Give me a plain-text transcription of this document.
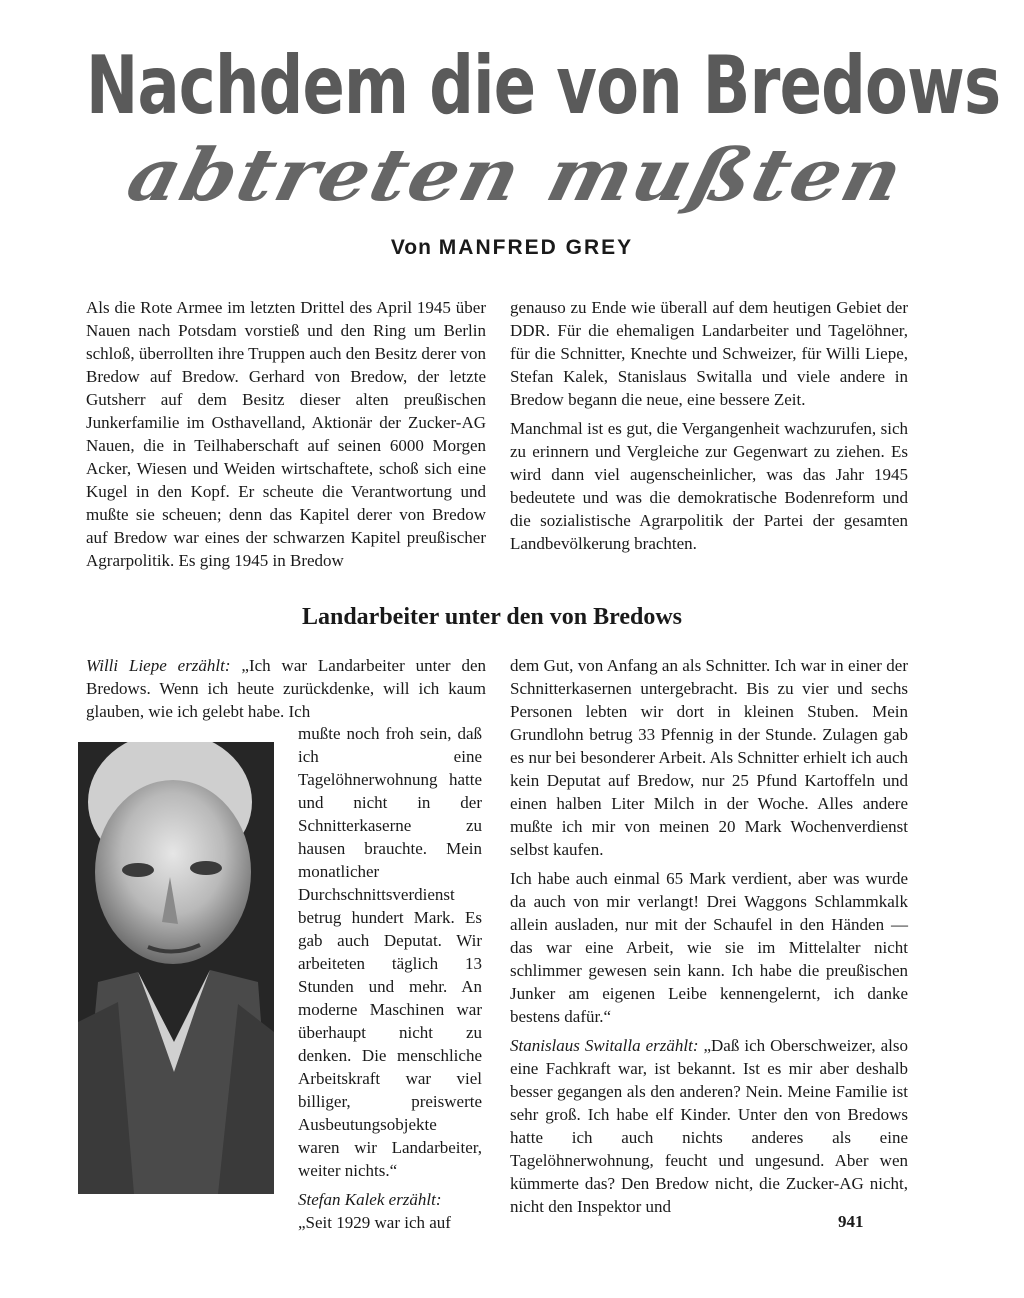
Nachdem die von Bredows
abtreten mußten
Von MANFRED GREY

Als die Rote Armee im letzten Drittel des April 1945 über Nauen nach Potsdam vorstieß und den Ring um Berlin schloß, überrollten ihre Truppen auch den Besitz derer von Bredow auf Bredow. Gerhard von Bredow, der letzte Gutsherr auf dem Besitz dieser alten preußischen Junkerfamilie im Osthavelland, Aktionär der Zucker-AG Nauen, die in Teilhaberschaft auf seinen 6000 Morgen Acker, Wiesen und Weiden wirtschaftete, schoß sich eine Kugel in den Kopf. Er scheute die Verantwortung und mußte sie scheuen; denn das Kapitel derer von Bredow auf Bredow war eines der schwarzen Kapitel preußischer Agrarpolitik. Es ging 1945 in Bredow

genauso zu Ende wie überall auf dem heutigen Gebiet der DDR. Für die ehemaligen Landarbeiter und Tagelöhner, für die Schnitter, Knechte und Schweizer, für Willi Liepe, Stefan Kalek, Stanislaus Switalla und viele andere in Bredow begann die neue, eine bessere Zeit.

Manchmal ist es gut, die Vergangenheit wachzurufen, sich zu erinnern und Vergleiche zur Gegenwart zu ziehen. Es wird dann viel augenscheinlicher, was das Jahr 1945 bedeutete und was die demokratische Bodenreform und die sozialistische Agrarpolitik der Partei der gesamten Landbevölkerung brachten.

Landarbeiter unter den von Bredows

Willi Liepe erzählt: „Ich war Landarbeiter unter den Bredows. Wenn ich heute zurückdenke, will ich kaum glauben, wie ich gelebt habe. Ich

mußte noch froh sein, daß ich eine Tagelöhnerwohnung hatte und nicht in der Schnitterkaserne zu hausen brauchte. Mein monatlicher Durchschnittsverdienst betrug hundert Mark. Es gab auch Deputat. Wir arbeiteten täglich 13 Stunden und mehr. An moderne Maschinen war überhaupt nicht zu denken. Die menschliche Arbeitskraft war viel billiger, preiswerte Ausbeutungsobjekte waren wir Landarbeiter, weiter nichts.“

Stefan Kalek erzählt:
„Seit 1929 war ich auf

dem Gut, von Anfang an als Schnitter. Ich war in einer der Schnitterkasernen untergebracht. Bis zu vier und sechs Personen lebten wir dort in kleinen Stuben. Mein Grundlohn betrug 33 Pfennig in der Stunde. Zulagen gab es nur bei besonderer Arbeit. Als Schnitter erhielt ich auch kein Deputat auf Bredow, nur 25 Pfund Kartoffeln und einen halben Liter Milch in der Woche. Alles andere mußte ich mir von meinen 20 Mark Wochenverdienst selbst kaufen.

Ich habe auch einmal 65 Mark verdient, aber was wurde da auch von mir verlangt! Drei Waggons Schlammkalk allein ausladen, nur mit der Schaufel in den Händen — das war eine Arbeit, wie sie im Mittelalter nicht schlimmer gewesen sein kann. Ich habe die preußischen Junker am eigenen Leibe kennengelernt, ich danke bestens dafür.“

Stanislaus Switalla erzählt: „Daß ich Oberschweizer, also eine Fachkraft war, ist bekannt. Ist es mir aber deshalb besser gegangen als den anderen? Nein. Meine Familie ist sehr groß. Ich habe elf Kinder. Unter den von Bredows hatte ich auch nichts anderes als eine Tagelöhnerwohnung, feucht und ungesund. Aber wen kümmerte das? Den Bredow nicht, die Zucker-AG nicht, nicht den Inspektor und

941
